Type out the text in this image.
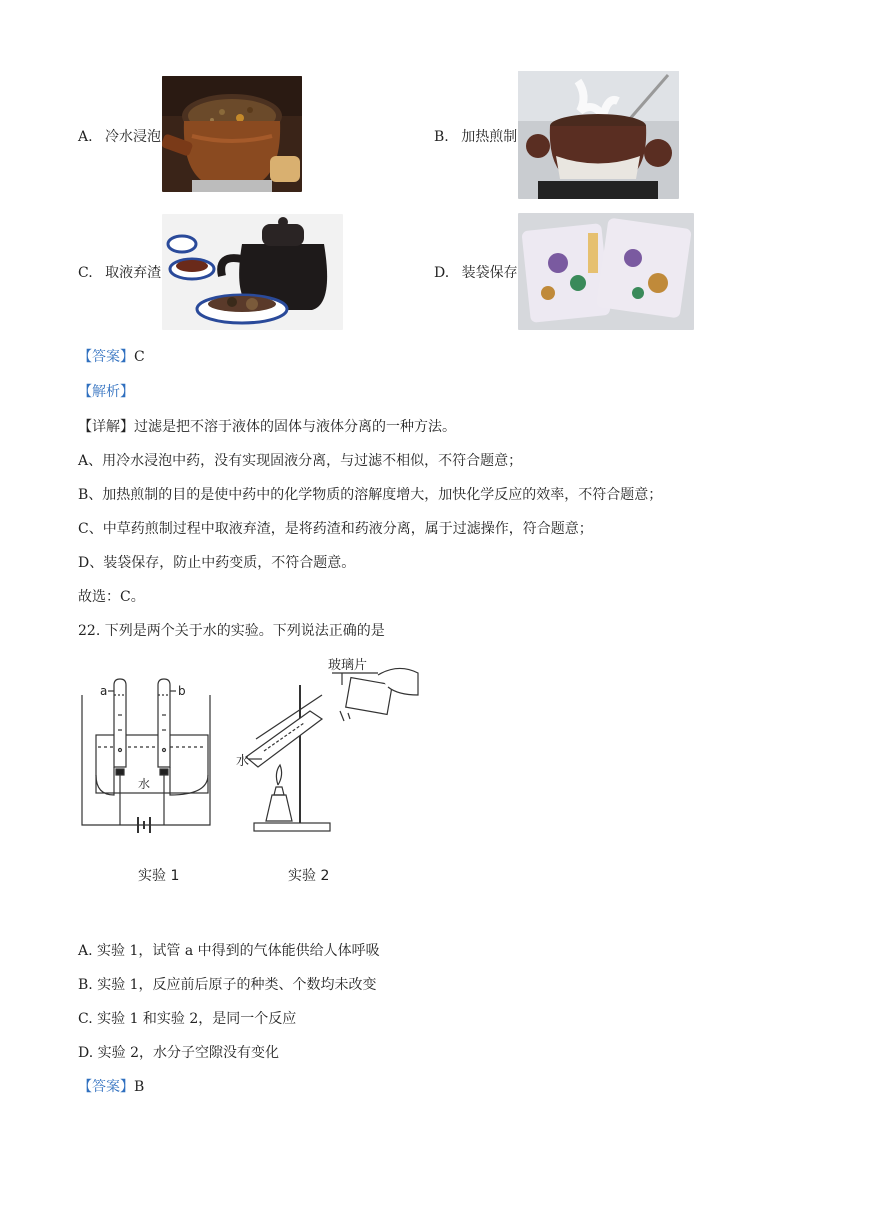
A. 冷水浸泡	B. 加热煎制
C. 取液弃渣	D. 装袋保存
【答案】C
【解析】
【详解】过滤是把不溶于液体的固体与液体分离的一种方法。
A、用冷水浸泡中药，没有实现固液分离，与过滤不相似，不符合题意；
B、加热煎制的目的是使中药中的化学物质的溶解度增大，加快化学反应的效率，不符合题意；
C、中草药煎制过程中取液弃渣，是将药渣和药液分离，属于过滤操作，符合题意；
D、装袋保存，防止中药变质，不符合题意。
故选：C。
22. 下列是两个关于水的实验。下列说法正确的是
a	b
水
玻璃片
水
实验 1	实验 2
A. 实验 1，试管 a 中得到的气体能供给人体呼吸
B. 实验 1，反应前后原子的种类、个数均未改变
C. 实验 1 和实验 2，是同一个反应
D. 实验 2，水分子空隙没有变化
【答案】B
